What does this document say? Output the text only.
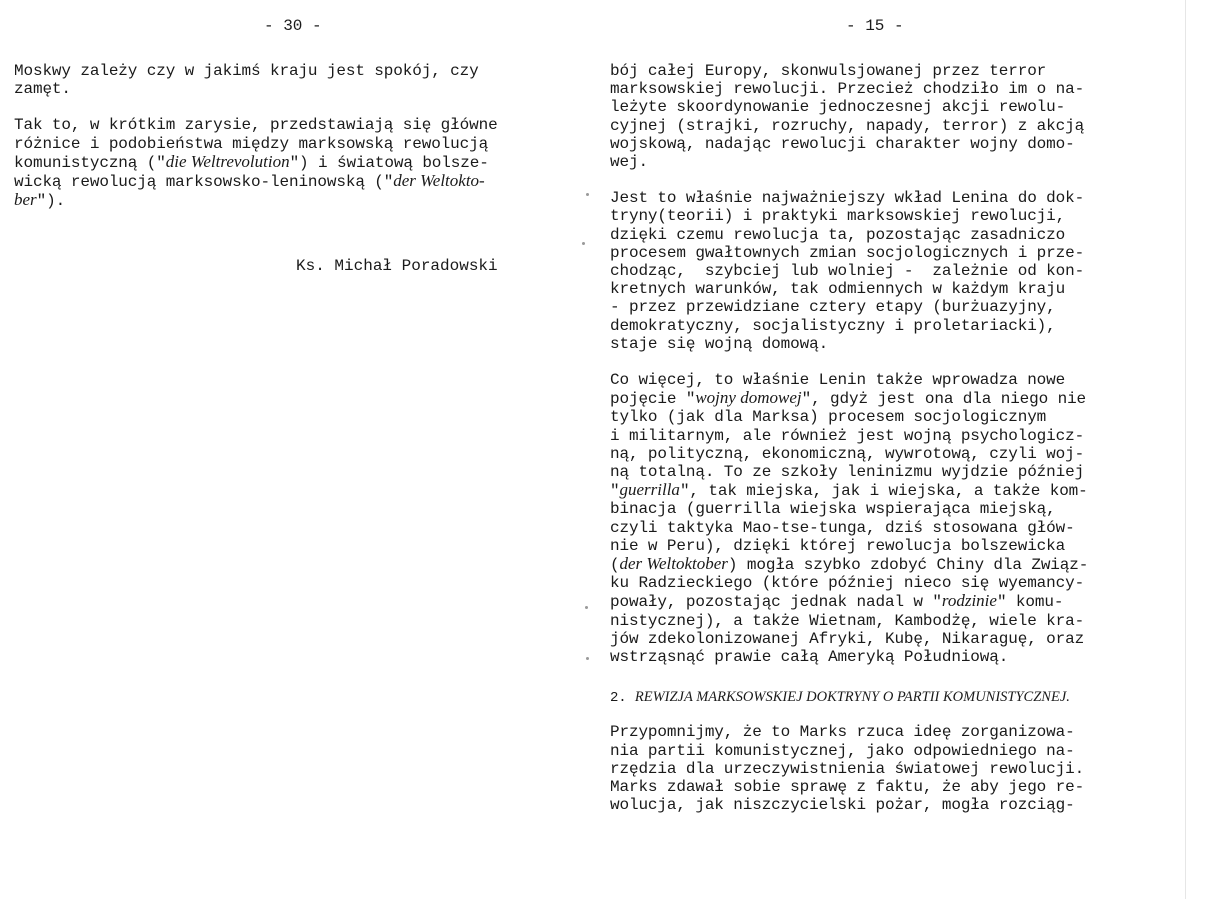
- 30 -

Moskwy zależy czy w jakimś kraju jest spokój, czy
zamęt.

Tak to, w krótkim zarysie, przedstawiają się główne
różnice i podobieństwa między marksowską rewolucją
komunistyczną ("die Weltrevolution") i światową bolsze-
wicką rewolucją marksowsko-leninowską ("der Weltokto-
ber").

Ks. Michał Poradowski
- 15 -

bój całej Europy, skonwulsjowanej przez terror
marksowskiej rewolucji. Przecież chodziło im o na-
leżyte skoordynowanie jednoczesnej akcji rewolu-
cyjnej (strajki, rozruchy, napady, terror) z akcją
wojskową, nadając rewolucji charakter wojny domo-
wej.

Jest to właśnie najważniejszy wkład Lenina do dok-
tryny(teorii) i praktyki marksowskiej rewolucji,
dzięki czemu rewolucja ta, pozostając zasadniczo
procesem gwałtownych zmian socjologicznych i prze-
chodząc,  szybciej lub wolniej -  zależnie od kon-
kretnych warunków, tak odmiennych w każdym kraju
- przez przewidziane cztery etapy (burżuazyjny,
demokratyczny, socjalistyczny i proletariacki),
staje się wojną domową.

Co więcej, to właśnie Lenin także wprowadza nowe
pojęcie "wojny domowej", gdyż jest ona dla niego nie
tylko (jak dla Marksa) procesem socjologicznym
i militarnym, ale również jest wojną psychologicz-
ną, polityczną, ekonomiczną, wywrotową, czyli woj-
ną totalną. To ze szkoły leninizmu wyjdzie później
"guerrilla", tak miejska, jak i wiejska, a także kom-
binacja (guerrilla wiejska wspierająca miejską,
czyli taktyka Mao-tse-tunga, dziś stosowana głów-
nie w Peru), dzięki której rewolucja bolszewicka
(der Weltoktober) mogła szybko zdobyć Chiny dla Związ-
ku Radzieckiego (które później nieco się wyemancy-
powały, pozostając jednak nadal w "rodzinie" komu-
nistycznej), a także Wietnam, Kambodżę, wiele kra-
jów zdekolonizowanej Afryki, Kubę, Nikaraguę, oraz
wstrząsnąć prawie całą Ameryką Południową.

2. REWIZJA MARKSOWSKIEJ DOKTRYNY O PARTII KOMUNISTYCZNEJ.

Przypomnijmy, że to Marks rzuca ideę zorganizowa-
nia partii komunistycznej, jako odpowiedniego na-
rzędzia dla urzeczywistnienia światowej rewolucji.
Marks zdawał sobie sprawę z faktu, że aby jego re-
wolucja, jak niszczycielski pożar, mogła rozciąg-
